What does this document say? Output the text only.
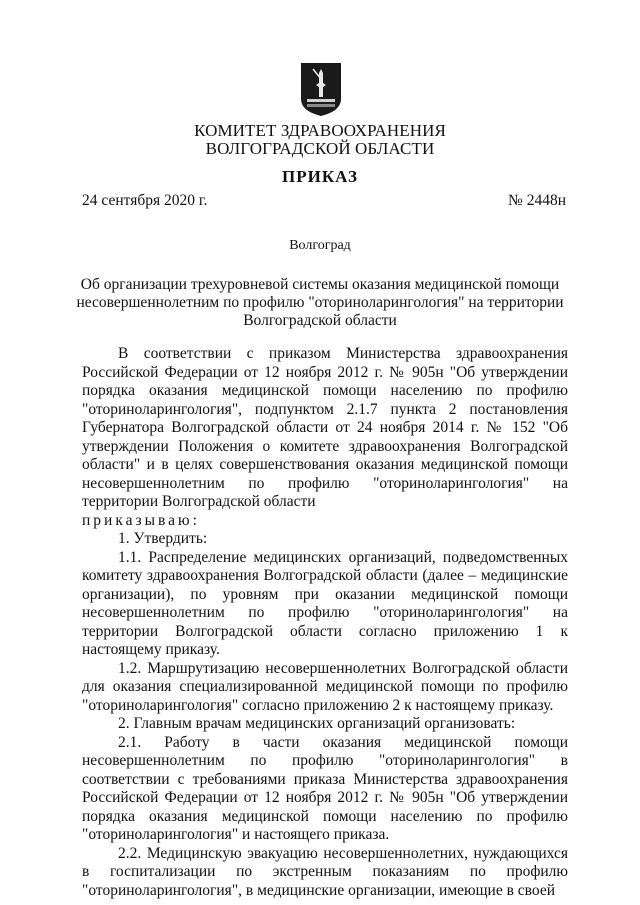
КОМИТЕТ ЗДРАВООХРАНЕНИЯ
ВОЛГОГРАДСКОЙ ОБЛАСТИ
ПРИКАЗ
24 сентября 2020 г.	№ 2448н
Волгоград
Об организации трехуровневой системы оказания медицинской помощи несовершеннолетним по профилю "оториноларингология" на территории Волгоградской области

В соответствии с приказом Министерства здравоохранения Российской Федерации от 12 ноября 2012 г. № 905н "Об утверждении порядка оказания медицинской помощи населению по профилю "оториноларингология", подпунктом 2.1.7 пункта 2 постановления Губернатора Волгоградской области от 24 ноября 2014 г. № 152 "Об утверждении Положения о комитете здравоохранения Волгоградской области" и в целях совершенствования оказания медицинской помощи несовершеннолетним по профилю "оториноларингология" на территории Волгоградской области

приказываю:

1. Утвердить:

1.1. Распределение медицинских организаций, подведомственных комитету здравоохранения Волгоградской области (далее – медицинские организации), по уровням при оказании медицинской помощи несовершеннолетним по профилю "оториноларингология" на территории Волгоградской области согласно приложению 1 к настоящему приказу.

1.2. Маршрутизацию несовершеннолетних Волгоградской области для оказания специализированной медицинской помощи по профилю "оториноларингология" согласно приложению 2 к настоящему приказу.

2. Главным врачам медицинских организаций организовать:

2.1. Работу в части оказания медицинской помощи несовершеннолетним по профилю "оториноларингология" в соответствии с требованиями приказа Министерства здравоохранения Российской Федерации от 12 ноября 2012 г. № 905н "Об утверждении порядка оказания медицинской помощи населению по профилю "оториноларингология" и настоящего приказа.

2.2. Медицинскую эвакуацию несовершеннолетних, нуждающихся в госпитализации по экстренным показаниям по профилю "оториноларингология", в медицинские организации, имеющие в своей
